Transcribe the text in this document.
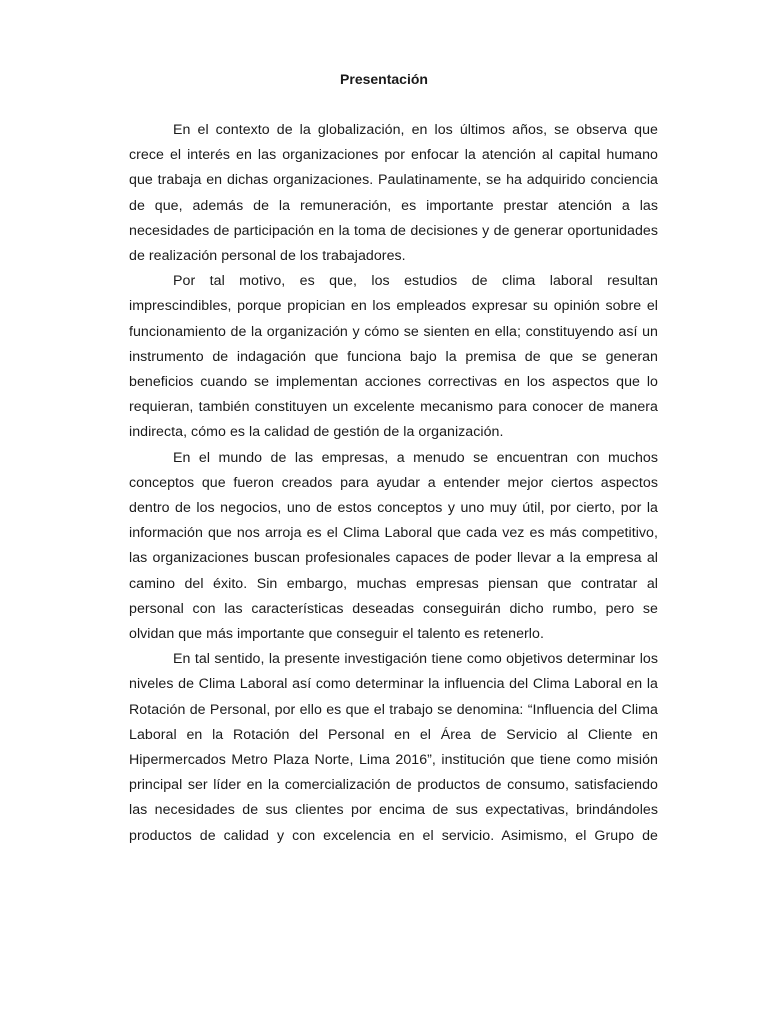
Presentación

En el contexto de la globalización, en los últimos años, se observa que crece el interés en las organizaciones por enfocar la atención al capital humano que trabaja en dichas organizaciones. Paulatinamente, se ha adquirido conciencia de que, además de la remuneración, es importante prestar atención a las necesidades de participación en la toma de decisiones y de generar oportunidades de realización personal de los trabajadores.

Por tal motivo, es que, los estudios de clima laboral resultan imprescindibles, porque propician en los empleados expresar su opinión sobre el funcionamiento de la organización y cómo se sienten en ella; constituyendo así un instrumento de indagación que funciona bajo la premisa de que se generan beneficios cuando se implementan acciones correctivas en los aspectos que lo requieran, también constituyen un excelente mecanismo para conocer de manera indirecta, cómo es la calidad de gestión de la organización.

En el mundo de las empresas, a menudo se encuentran con muchos conceptos que fueron creados para ayudar a entender mejor ciertos aspectos dentro de los negocios, uno de estos conceptos y uno muy útil, por cierto, por la información que nos arroja es el Clima Laboral que cada vez es más competitivo, las organizaciones buscan profesionales capaces de poder llevar a la empresa al camino del éxito. Sin embargo, muchas empresas piensan que contratar al personal con las características deseadas conseguirán dicho rumbo, pero se olvidan que más importante que conseguir el talento es retenerlo.

En tal sentido, la presente investigación tiene como objetivos determinar los niveles de Clima Laboral así como determinar la influencia del Clima Laboral en la Rotación de Personal, por ello es que el trabajo se denomina: “Influencia del Clima Laboral en la Rotación del Personal en el Área de Servicio al Cliente en Hipermercados Metro Plaza Norte, Lima 2016”, institución que tiene como misión principal ser líder en la comercialización de productos de consumo, satisfaciendo las necesidades de sus clientes por encima de sus expectativas, brindándoles productos de calidad y con excelencia en el servicio. Asimismo, el Grupo de
